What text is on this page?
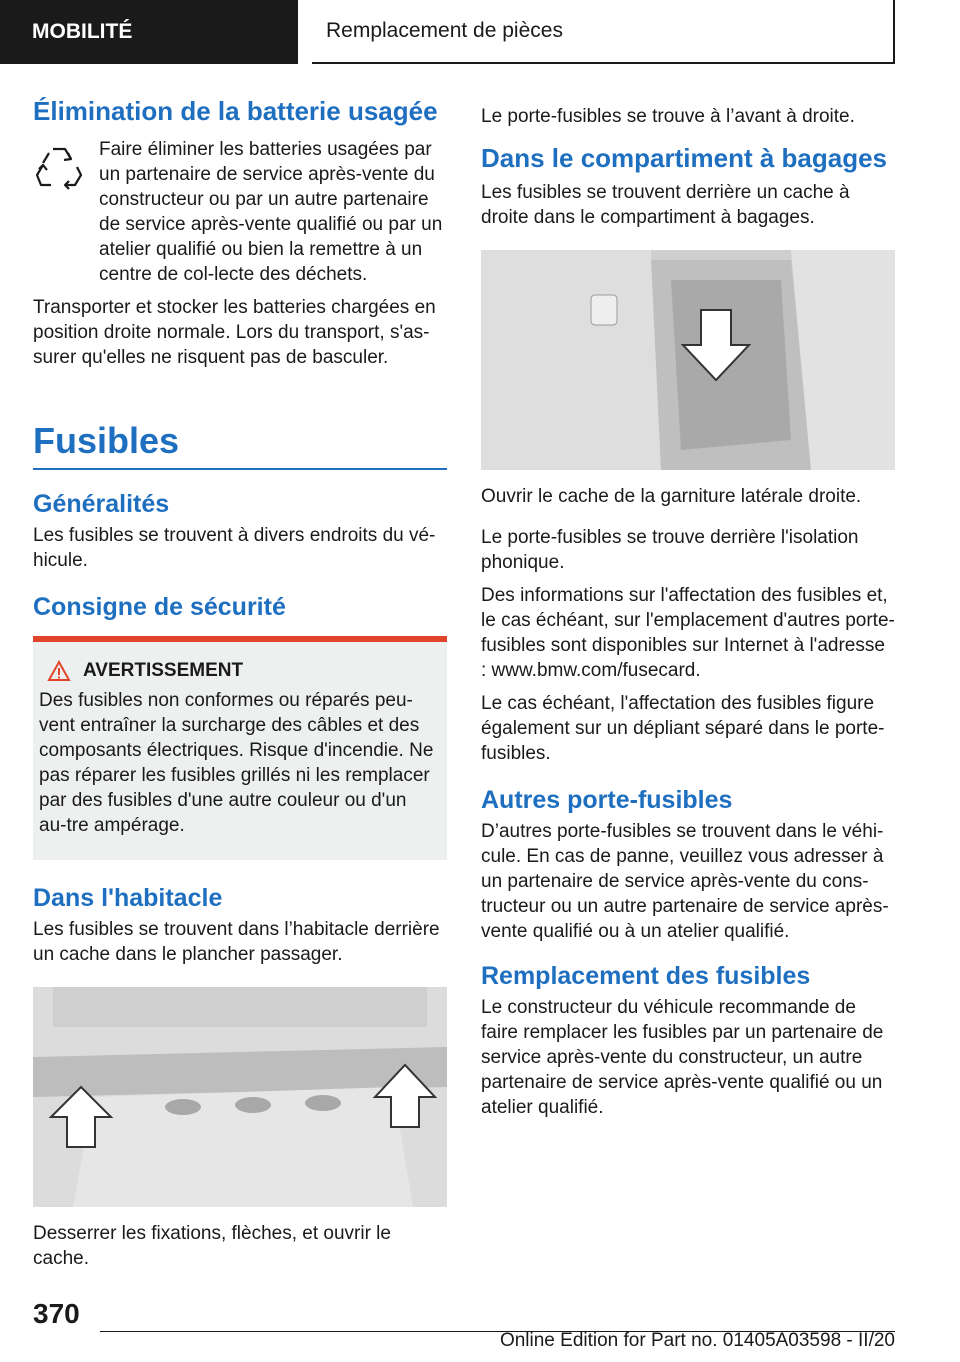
MOBILITÉ	Remplacement de pièces
Élimination de la batterie usagée

Faire éliminer les batteries usagées par un partenaire de service après-vente du constructeur ou par un autre partenaire de service après-vente qualifié ou par un atelier qualifié ou bien la remettre à un centre de col-lecte des déchets.

Transporter et stocker les batteries chargées en position droite normale. Lors du transport, s'as-surer qu'elles ne risquent pas de basculer.

Fusibles
Généralités

Les fusibles se trouvent à divers endroits du vé-hicule.

Consigne de sécurité
AVERTISSEMENT

Des fusibles non conformes ou réparés peu-vent entraîner la surcharge des câbles et des composants électriques. Risque d'incendie. Ne pas réparer les fusibles grillés ni les remplacer par des fusibles d'une autre couleur ou d'un au-tre ampérage.

Dans l'habitacle

Les fusibles se trouvent dans l’habitacle derrière un cache dans le plancher passager.

Desserrer les fixations, flèches, et ouvrir le cache.

Le porte-fusibles se trouve à l’avant à droite.

Dans le compartiment à bagages

Les fusibles se trouvent derrière un cache à droite dans le compartiment à bagages.

Ouvrir le cache de la garniture latérale droite.

Le porte-fusibles se trouve derrière l'isolation phonique.

Des informations sur l'affectation des fusibles et, le cas échéant, sur l'emplacement d'autres porte-fusibles sont disponibles sur Internet à l'adresse : www.bmw.com/fusecard.

Le cas échéant, l'affectation des fusibles figure également sur un dépliant séparé dans le porte-fusibles.

Autres porte-fusibles

D’autres porte-fusibles se trouvent dans le véhi-cule. En cas de panne, veuillez vous adresser à un partenaire de service après-vente du cons-tructeur ou un autre partenaire de service après-vente qualifié ou à un atelier qualifié.

Remplacement des fusibles

Le constructeur du véhicule recommande de faire remplacer les fusibles par un partenaire de service après-vente du constructeur, un autre partenaire de service après-vente qualifié ou un atelier qualifié.

370
Online Edition for Part no. 01405A03598 - II/20
